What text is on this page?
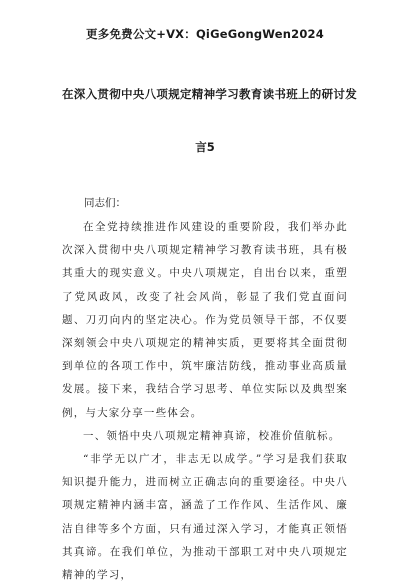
更多免费公文+VX：QiGeGongWen2024
在深入贯彻中央八项规定精神学习教育读书班上的研讨发
言5
同志们：

在全党持续推进作风建设的重要阶段，我们举办此次深入贯彻中央八项规定精神学习教育读书班，具有极其重大的现实意义。中央八项规定，自出台以来，重塑了党风政风，改变了社会风尚，彰显了我们党直面问题、刀刃向内的坚定决心。作为党员领导干部，不仅要深刻领会中央八项规定的精神实质，更要将其全面贯彻到单位的各项工作中，筑牢廉洁防线，推动事业高质量发展。接下来，我结合学习思考、单位实际以及典型案例，与大家分享一些体会。

一、领悟中央八项规定精神真谛，校准价值航标。

“非学无以广才，非志无以成学。”学习是我们获取知识提升能力，进而树立正确志向的重要途径。中央八项规定精神内涵丰富，涵盖了工作作风、生活作风、廉洁自律等多个方面，只有通过深入学习，才能真正领悟其真谛。在我们单位，为推动干部职工对中央八项规定精神的学习，
